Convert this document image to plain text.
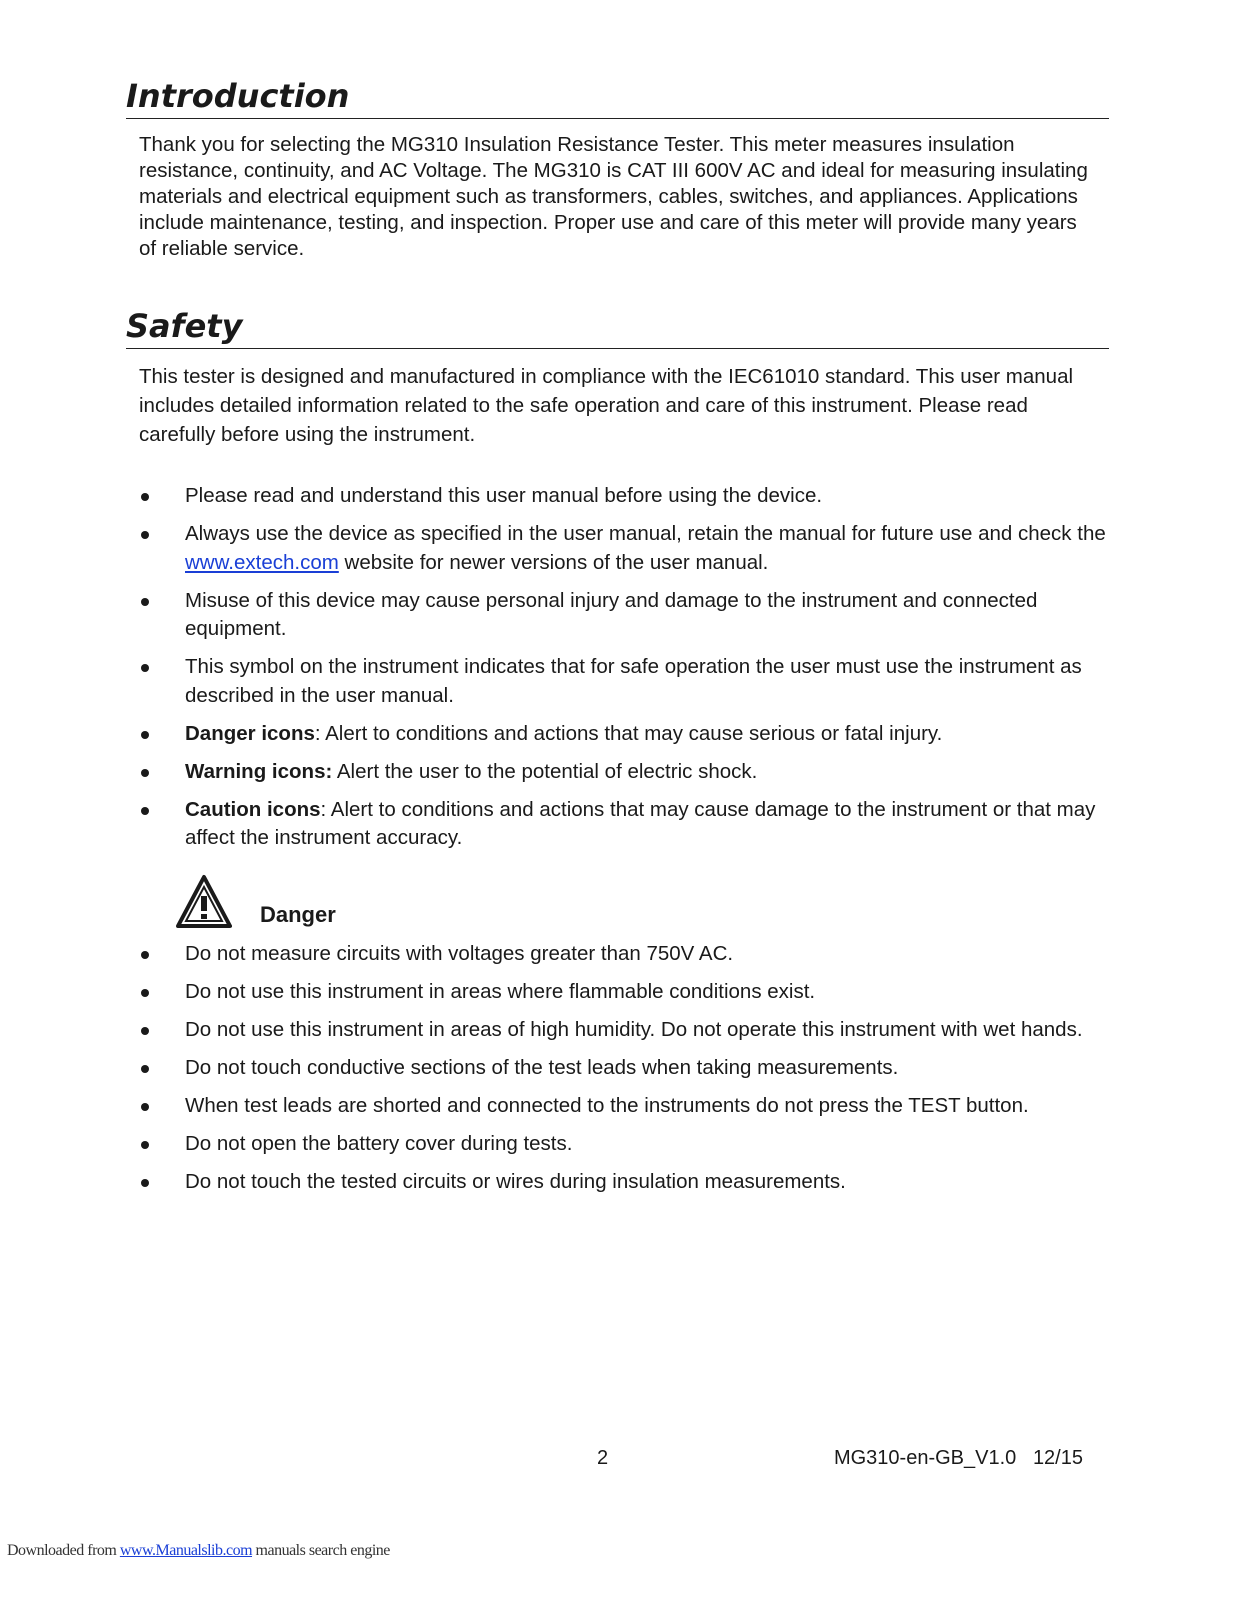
Introduction

Thank you for selecting the MG310 Insulation Resistance Tester. This meter measures insulation resistance, continuity, and AC Voltage. The MG310 is CAT III 600V AC and ideal for measuring insulating materials and electrical equipment such as transformers, cables, switches, and appliances. Applications include maintenance, testing, and inspection. Proper use and care of this meter will provide many years of reliable service.

Safety

This tester is designed and manufactured in compliance with the IEC61010 standard. This user manual includes detailed information related to the safe operation and care of this instrument. Please read carefully before using the instrument.

Please read and understand this user manual before using the device.
Always use the device as specified in the user manual, retain the manual for future use and check the www.extech.com website for newer versions of the user manual.
Misuse of this device may cause personal injury and damage to the instrument and connected equipment.
This symbol on the instrument indicates that for safe operation the user must use the instrument as described in the user manual.
Danger icons: Alert to conditions and actions that may cause serious or fatal injury.
Warning icons: Alert the user to the potential of electric shock.
Caution icons: Alert to conditions and actions that may cause damage to the instrument or that may affect the instrument accuracy.
Danger
Do not measure circuits with voltages greater than 750V AC.
Do not use this instrument in areas where flammable conditions exist.
Do not use this instrument in areas of high humidity. Do not operate this instrument with wet hands.
Do not touch conductive sections of the test leads when taking measurements.
When test leads are shorted and connected to the instruments do not press the TEST button.
Do not open the battery cover during tests.
Do not touch the tested circuits or wires during insulation measurements.
2	MG310-en-GB_V1.0   12/15
Downloaded from www.Manualslib.com manuals search engine
